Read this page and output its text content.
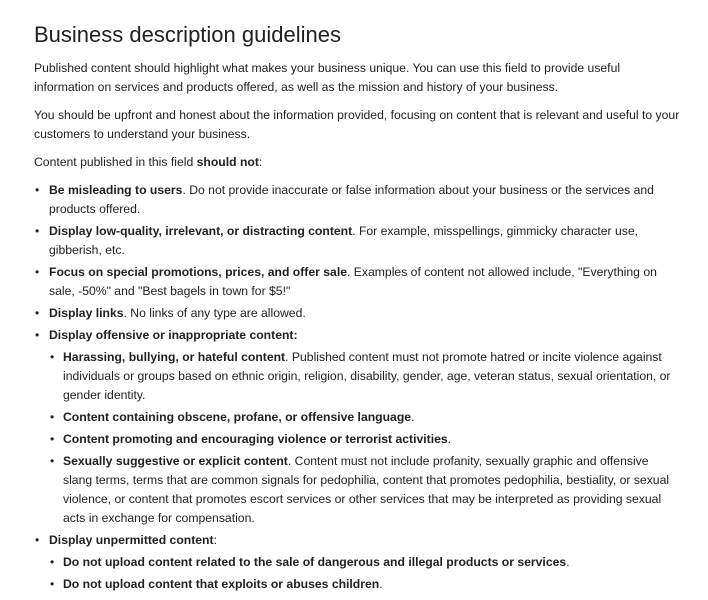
Business description guidelines

Published content should highlight what makes your business unique. You can use this field to provide useful information on services and products offered, as well as the mission and history of your business.

You should be upfront and honest about the information provided, focusing on content that is relevant and useful to your customers to understand your business.

Content published in this field should not:

• Be misleading to users. Do not provide inaccurate or false information about your business or the services and products offered.
• Display low-quality, irrelevant, or distracting content. For example, misspellings, gimmicky character use, gibberish, etc.
• Focus on special promotions, prices, and offer sale. Examples of content not allowed include, "Everything on sale, -50%" and "Best bagels in town for $5!"
• Display links. No links of any type are allowed.
• Display offensive or inappropriate content:
• Harassing, bullying, or hateful content. Published content must not promote hatred or incite violence against individuals or groups based on ethnic origin, religion, disability, gender, age, veteran status, sexual orientation, or gender identity.
• Content containing obscene, profane, or offensive language.
• Content promoting and encouraging violence or terrorist activities.
• Sexually suggestive or explicit content. Content must not include profanity, sexually graphic and offensive slang terms, terms that are common signals for pedophilia, content that promotes pedophilia, bestiality, or sexual violence, or content that promotes escort services or other services that may be interpreted as providing sexual acts in exchange for compensation.
• Display unpermitted content:
• Do not upload content related to the sale of dangerous and illegal products or services.
• Do not upload content that exploits or abuses children.
